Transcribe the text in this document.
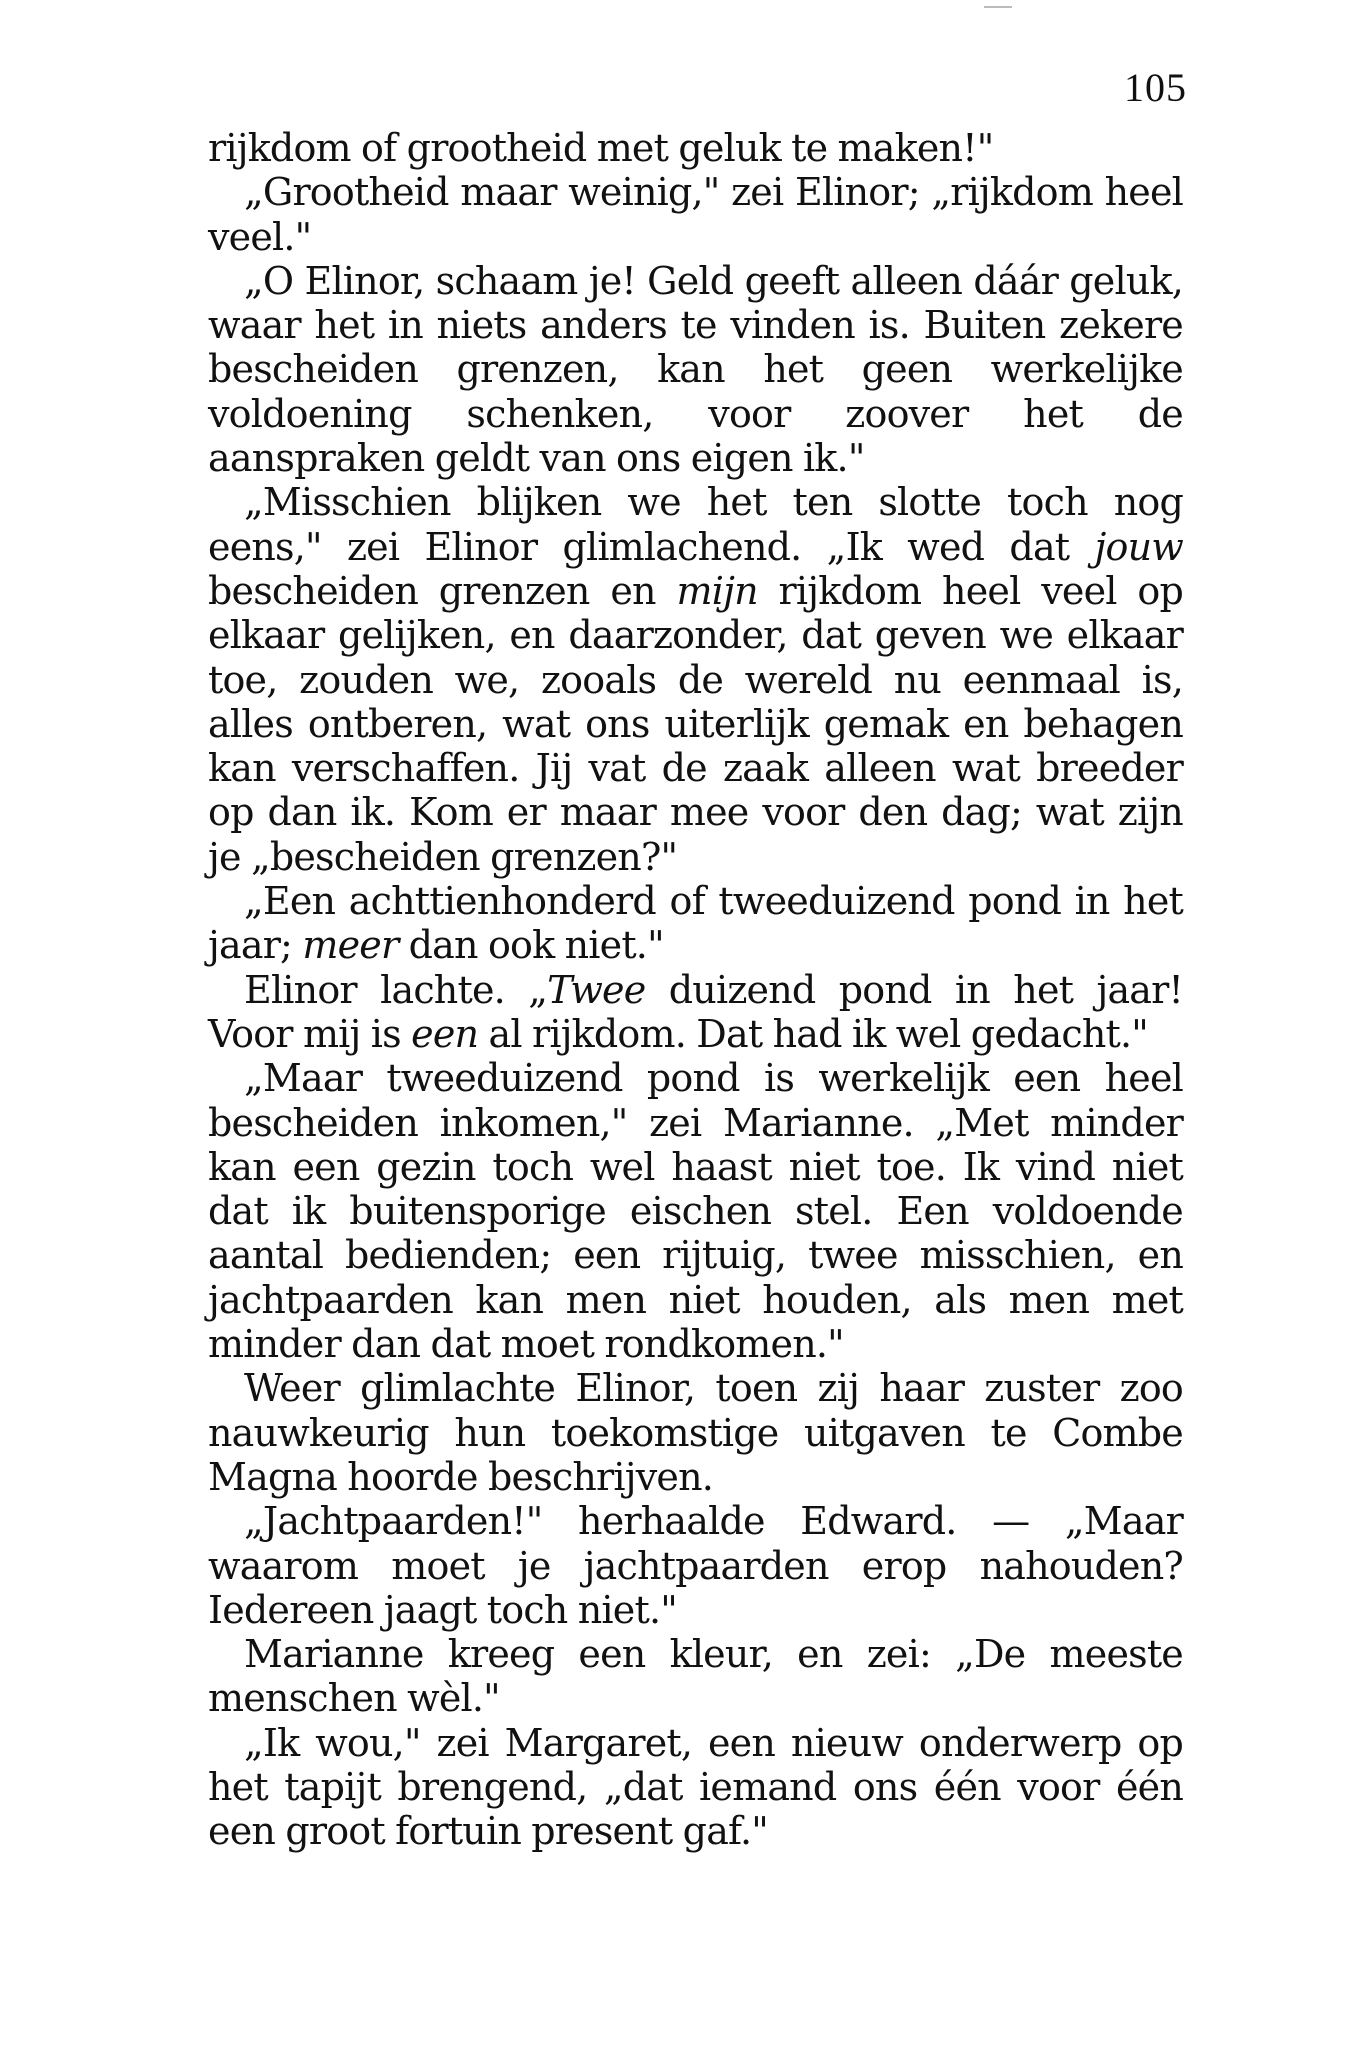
105

rijkdom of grootheid met geluk te maken!"

„Grootheid maar weinig," zei Elinor; „rijkdom heel veel."

„O Elinor, schaam je! Geld geeft alleen dáár geluk, waar het in niets anders te vinden is. Buiten zekere bescheiden grenzen, kan het geen werkelijke voldoening schenken, voor zoover het de aanspraken geldt van ons eigen ik."

„Misschien blijken we het ten slotte toch nog eens," zei Elinor glimlachend. „Ik wed dat jouw bescheiden grenzen en mijn rijkdom heel veel op elkaar gelijken, en daarzonder, dat geven we elkaar toe, zouden we, zooals de wereld nu eenmaal is, alles ontberen, wat ons uiterlijk gemak en behagen kan verschaffen. Jij vat de zaak alleen wat breeder op dan ik. Kom er maar mee voor den dag; wat zijn je „bescheiden grenzen?"

„Een achttienhonderd of tweeduizend pond in het jaar; meer dan ook niet."

Elinor lachte. „Twee duizend pond in het jaar! Voor mij is een al rijkdom. Dat had ik wel gedacht."

„Maar tweeduizend pond is werkelijk een heel bescheiden inkomen," zei Marianne. „Met minder kan een gezin toch wel haast niet toe. Ik vind niet dat ik buitensporige eischen stel. Een voldoende aantal bedienden; een rijtuig, twee misschien, en jachtpaarden kan men niet houden, als men met minder dan dat moet rondkomen."

Weer glimlachte Elinor, toen zij haar zuster zoo nauwkeurig hun toekomstige uitgaven te Combe Magna hoorde beschrijven.

„Jachtpaarden!" herhaalde Edward. — „Maar waarom moet je jachtpaarden erop nahouden? Iedereen jaagt toch niet."

Marianne kreeg een kleur, en zei: „De meeste menschen wèl."

„Ik wou," zei Margaret, een nieuw onderwerp op het tapijt brengend, „dat iemand ons één voor één een groot fortuin present gaf."
